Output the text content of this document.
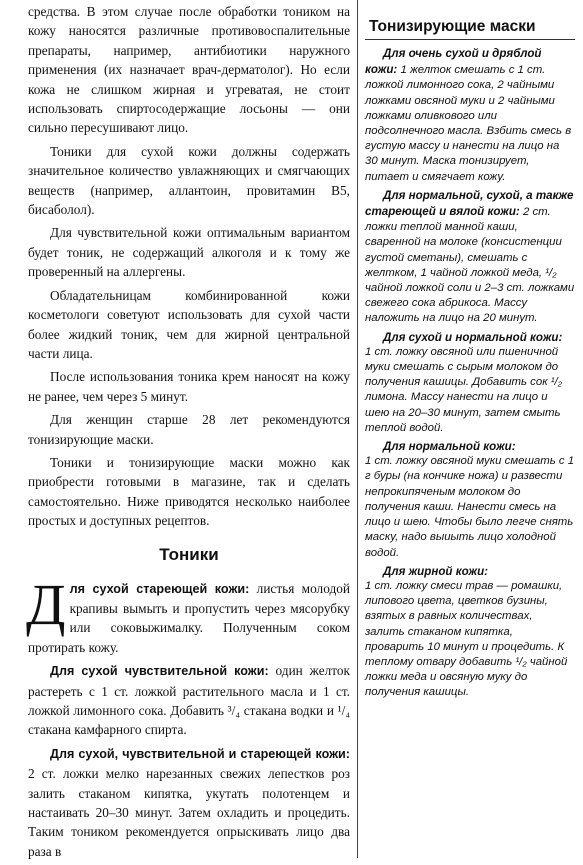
средства. В этом случае после обработки тоником на кожу наносятся различные противовоспалительные препараты, например, антибиотики наружного применения (их назначает врач-дерматолог). Но если кожа не слишком жирная и угреватая, не стоит использовать спиртосодержащие лосьоны — они сильно пересушивают лицо.

Тоники для сухой кожи должны содержать значительное количество увлажняющих и смягчающих веществ (например, аллантоин, провитамин B5, бисаболол).

Для чувствительной кожи оптимальным вариантом будет тоник, не содержащий алкоголя и к тому же проверенный на аллергены.

Обладательницам комбинированной кожи косметологи советуют использовать для сухой части более жидкий тоник, чем для жирной центральной части лица.

После использования тоника крем наносят на кожу не ранее, чем через 5 минут.

Для женщин старше 28 лет рекомендуются тонизирующие маски.

Тоники и тонизирующие маски можно как приобрести готовыми в магазине, так и сделать самостоятельно. Ниже приводятся несколько наиболее простых и доступных рецептов.

Тоники

Для сухой стареющей кожи: листья молодой крапивы вымыть и пропустить через мясорубку или соковыжималку. Полученным соком протирать кожу.

Для сухой чувствительной кожи: один желток растереть с 1 ст. ложкой растительного масла и 1 ст. ложкой лимонного сока. Добавить ³/₄ стакана водки и ¹/₄ стакана камфарного спирта.

Для сухой, чувствительной и стареющей кожи: 2 ст. ложки мелко нарезанных свежих лепестков роз залить стаканом кипятка, укутать полотенцем и настаивать 20–30 минут. Затем охладить и процедить. Таким тоником рекомендуется опрыскивать лицо два раза в

Тонизирующие маски

Для очень сухой и дряблой кожи: 1 желток смешать с 1 ст. ложкой лимонного сока, 2 чайными ложками овсяной муки и 2 чайными ложками оливкового или подсолнечного масла. Взбить смесь в густую массу и нанести на лицо на 30 минут. Маска тонизирует, питает и смягчает кожу.

Для нормальной, сухой, а также стареющей и вялой кожи: 2 ст. ложки теплой манной каши, сваренной на молоке (консистенции густой сметаны), смешать с желтком, 1 чайной ложкой меда, ¹/₂ чайной ложкой соли и 2–3 ст. ложками свежего сока абрикоса. Массу наложить на лицо на 20 минут.

Для сухой и нормальной кожи:
1 ст. ложку овсяной или пшеничной муки смешать с сырым молоком до получения кашицы. Добавить сок ¹/₂ лимона. Массу нанести на лицо и шею на 20–30 минут, затем смыть теплой водой.

Для нормальной кожи:
1 ст. ложку овсяной муки смешать с 1 г буры (на кончике ножа) и развести непрокипяченым молоком до получения каши. Нанести смесь на лицо и шею. Чтобы было легче снять маску, надо выиыть лицо холодной водой.

Для жирной кожи:
1 ст. ложку смеси трав — ромашки, липового цвета, цветков бузины, взятых в равных количествах, залить стаканом кипятка, проварить 10 минут и процедить. К теплому отвару добавить ¹/₂ чайной ложки меда и овсяную муку до получения кашицы.
